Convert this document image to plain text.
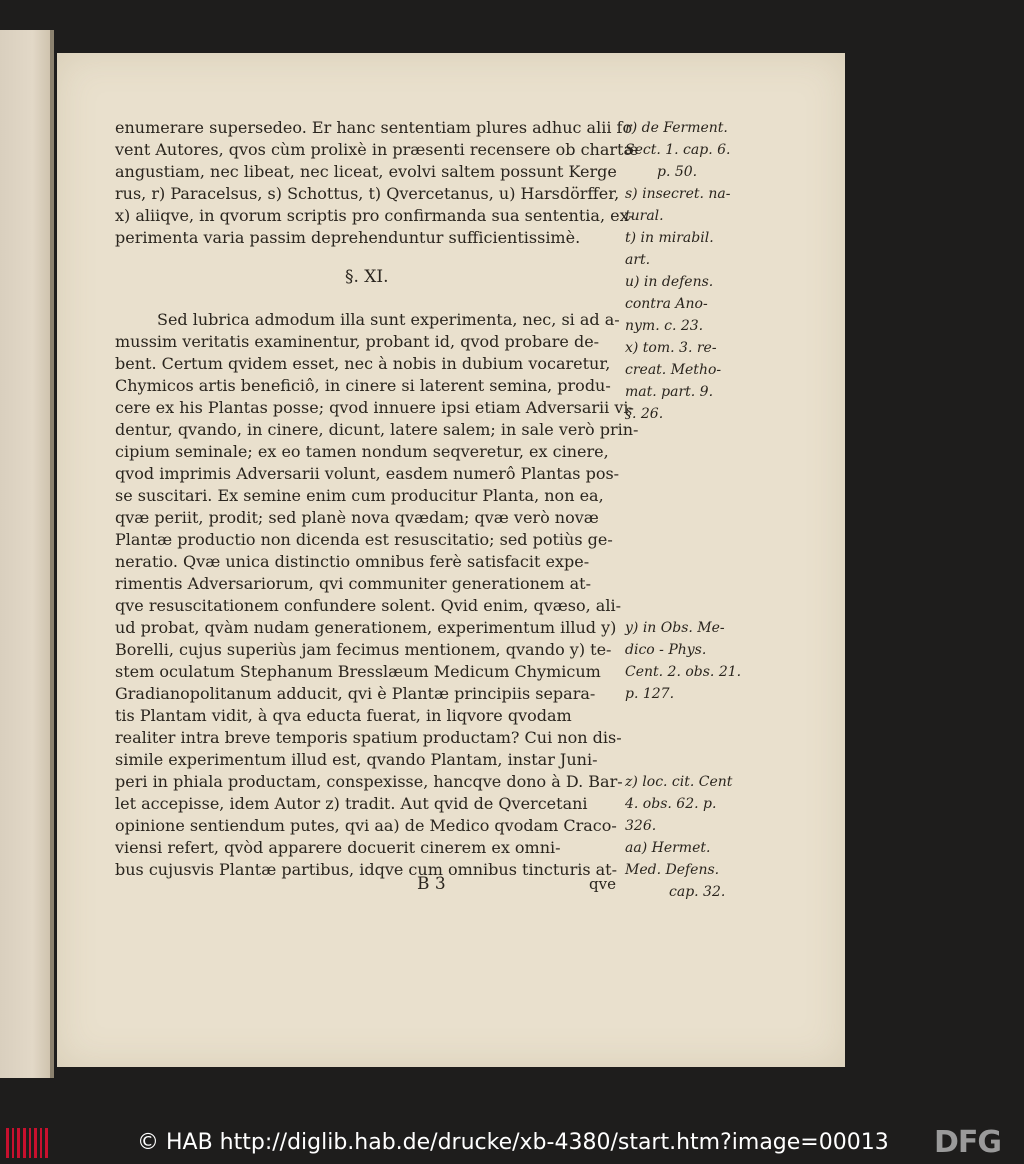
enumerare supersedeo. Er hanc sententiam plures adhuc alii fo
vent Autores, qvos cùm prolixè in præsenti recensere ob chartæ
angustiam, nec libeat, nec liceat, evolvi saltem possunt Kerge
rus, r) Paracelsus, s) Schottus, t) Qvercetanus, u) Harsdörffer,
x) aliiqve, in qvorum scriptis pro confirmanda sua sententia, ex-
perimenta varia passim deprehenduntur sufficientissimè.
§. XI.
Sed lubrica admodum illa sunt experimenta, nec, si ad a-
mussim veritatis examinentur, probant id, qvod probare de-
bent. Certum qvidem esset, nec à nobis in dubium vocaretur,
Chymicos artis beneficiô, in cinere si laterent semina, produ-
cere ex his Plantas posse; qvod innuere ipsi etiam Adversarii vi-
dentur, qvando, in cinere, dicunt, latere salem; in sale verò prin-
cipium seminale; ex eo tamen nondum seqveretur, ex cinere,
qvod imprimis Adversarii volunt, easdem numerô Plantas pos-
se suscitari. Ex semine enim cum producitur Planta, non ea,
qvæ periit, prodit; sed planè nova qvædam; qvæ verò novæ
Plantæ productio non dicenda est resuscitatio; sed potiùs ge-
neratio. Qvæ unica distinctio omnibus ferè satisfacit expe-
rimentis Adversariorum, qvi communiter generationem at-
qve resuscitationem confundere solent. Qvid enim, qvæso, ali-
ud probat, qvàm nudam generationem, experimentum illud y)
Borelli, cujus superiùs jam fecimus mentionem, qvando y) te-
stem oculatum Stephanum Bresslæum Medicum Chymicum
Gradianopolitanum adducit, qvi è Plantæ principiis separa-
tis Plantam vidit, à qva educta fuerat, in liqvore qvodam
realiter intra breve temporis spatium productam? Cui non dis-
simile experimentum illud est, qvando Plantam, instar Juni-
peri in phiala productam, conspexisse, hancqve dono à D. Bar-
let accepisse, idem Autor z) tradit. Aut qvid de Qvercetani
opinione sentiendum putes, qvi aa) de Medico qvodam Craco-
viensi refert, qvòd apparere docuerit cinerem ex omni-
bus cujusvis Plantæ partibus, idqve cum omnibus tincturis at-
r) de Ferment.
Sect. 1. cap. 6.
p. 50.
s) insecret. na-
tural.
t) in mirabil.
art.
u) in defens.
contra Ano-
nym. c. 23.
x) tom. 3. re-
creat. Metho-
mat. part. 9.
§. 26.
y) in Obs. Me-
dico - Phys.
Cent. 2. obs. 21.
p. 127.
z) loc. cit. Cent
4. obs. 62. p.
326.
aa) Hermet.
Med. Defens.
cap. 32.
B 3	qve
© HAB http://diglib.hab.de/drucke/xb-4380/start.htm?image=00013 DFG
